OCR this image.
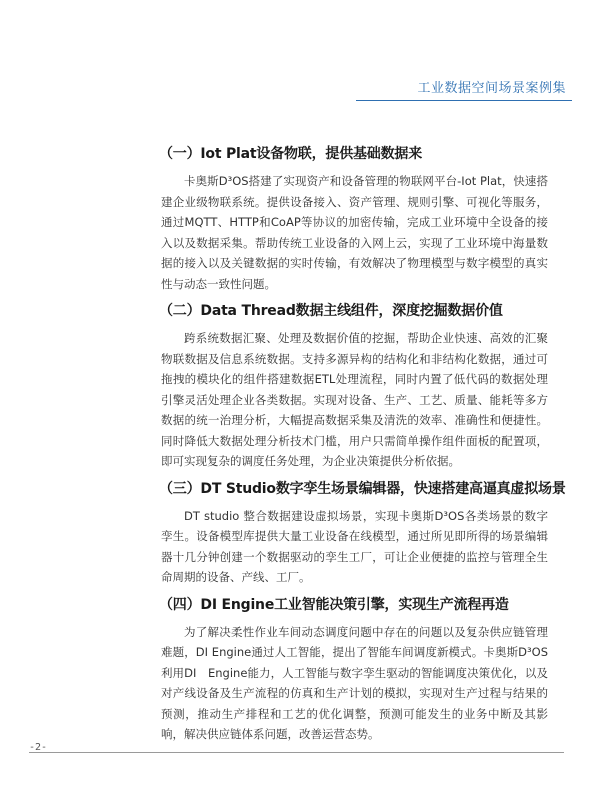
工业数据空间场景案例集
（一）Iot Plat设备物联，提供基础数据来

卡奥斯D³OS搭建了实现资产和设备管理的物联网平台-Iot Plat，快速搭建企业级物联系统。提供设备接入、资产管理、规则引擎、可视化等服务，通过MQTT、HTTP和CoAP等协议的加密传输，完成工业环境中全设备的接入以及数据采集。帮助传统工业设备的入网上云，实现了工业环境中海量数据的接入以及关键数据的实时传输，有效解决了物理模型与数字模型的真实性与动态一致性问题。

（二）Data Thread数据主线组件，深度挖掘数据价值

跨系统数据汇聚、处理及数据价值的挖掘，帮助企业快速、高效的汇聚物联数据及信息系统数据。支持多源异构的结构化和非结构化数据，通过可拖拽的模块化的组件搭建数据ETL处理流程，同时内置了低代码的数据处理引擎灵活处理企业各类数据。实现对设备、生产、工艺、质量、能耗等多方数据的统一治理分析，大幅提高数据采集及清洗的效率、准确性和便捷性。同时降低大数据处理分析技术门槛，用户只需简单操作组件面板的配置项，即可实现复杂的调度任务处理，为企业决策提供分析依据。

（三）DT Studio数字孪生场景编辑器，快速搭建高逼真虚拟场景

DT studio 整合数据建设虚拟场景，实现卡奥斯D³OS各类场景的数字孪生。设备模型库提供大量工业设备在线模型，通过所见即所得的场景编辑器十几分钟创建一个数据驱动的孪生工厂，可让企业便捷的监控与管理全生命周期的设备、产线、工厂。

（四）DI Engine工业智能决策引擎，实现生产流程再造

为了解决柔性作业车间动态调度问题中存在的问题以及复杂供应链管理难题，DI Engine通过人工智能，提出了智能车间调度新模式。卡奥斯D³OS利用DI　Engine能力，人工智能与数字孪生驱动的智能调度决策优化，以及对产线设备及生产流程的仿真和生产计划的模拟，实现对生产过程与结果的预测，推动生产排程和工艺的优化调整，预测可能发生的业务中断及其影响，解决供应链体系问题，改善运营态势。

-2-
